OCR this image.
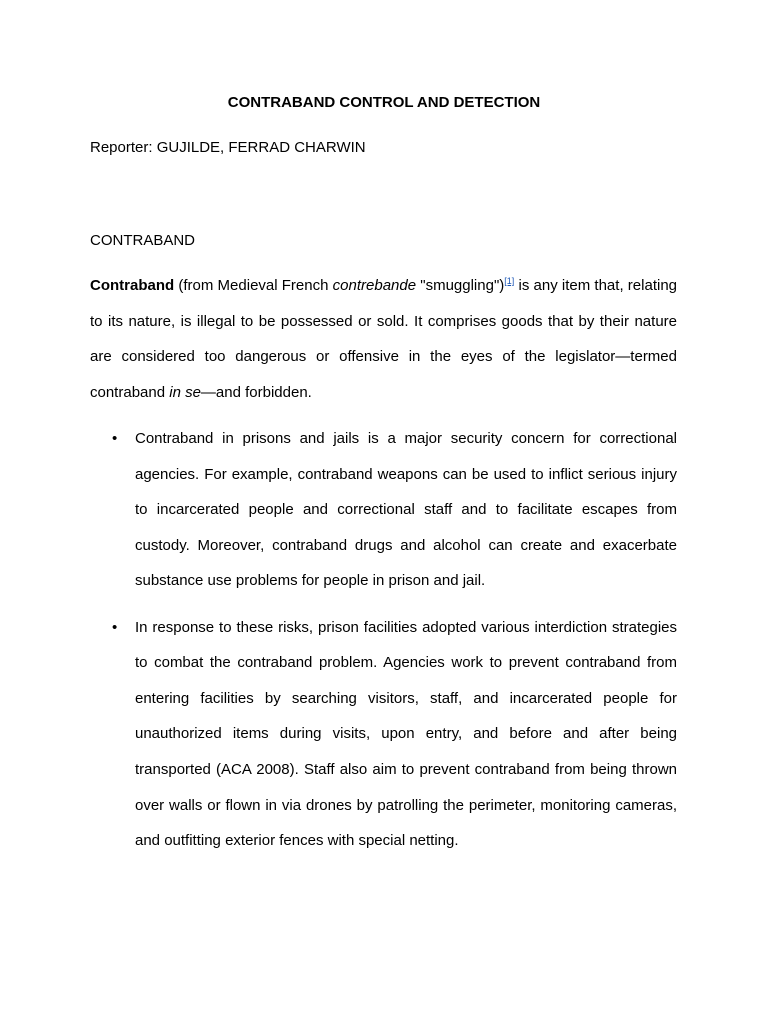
CONTRABAND CONTROL AND DETECTION

Reporter: GUJILDE, FERRAD CHARWIN

CONTRABAND

Contraband (from Medieval French contrebande "smuggling")[1] is any item that, relating to its nature, is illegal to be possessed or sold. It comprises goods that by their nature are considered too dangerous or offensive in the eyes of the legislator—termed contraband in se—and forbidden.

• Contraband in prisons and jails is a major security concern for correctional agencies. For example, contraband weapons can be used to inflict serious injury to incarcerated people and correctional staff and to facilitate escapes from custody. Moreover, contraband drugs and alcohol can create and exacerbate substance use problems for people in prison and jail.
• In response to these risks, prison facilities adopted various interdiction strategies to combat the contraband problem. Agencies work to prevent contraband from entering facilities by searching visitors, staff, and incarcerated people for unauthorized items during visits, upon entry, and before and after being transported (ACA 2008). Staff also aim to prevent contraband from being thrown over walls or flown in via drones by patrolling the perimeter, monitoring cameras, and outfitting exterior fences with special netting.
